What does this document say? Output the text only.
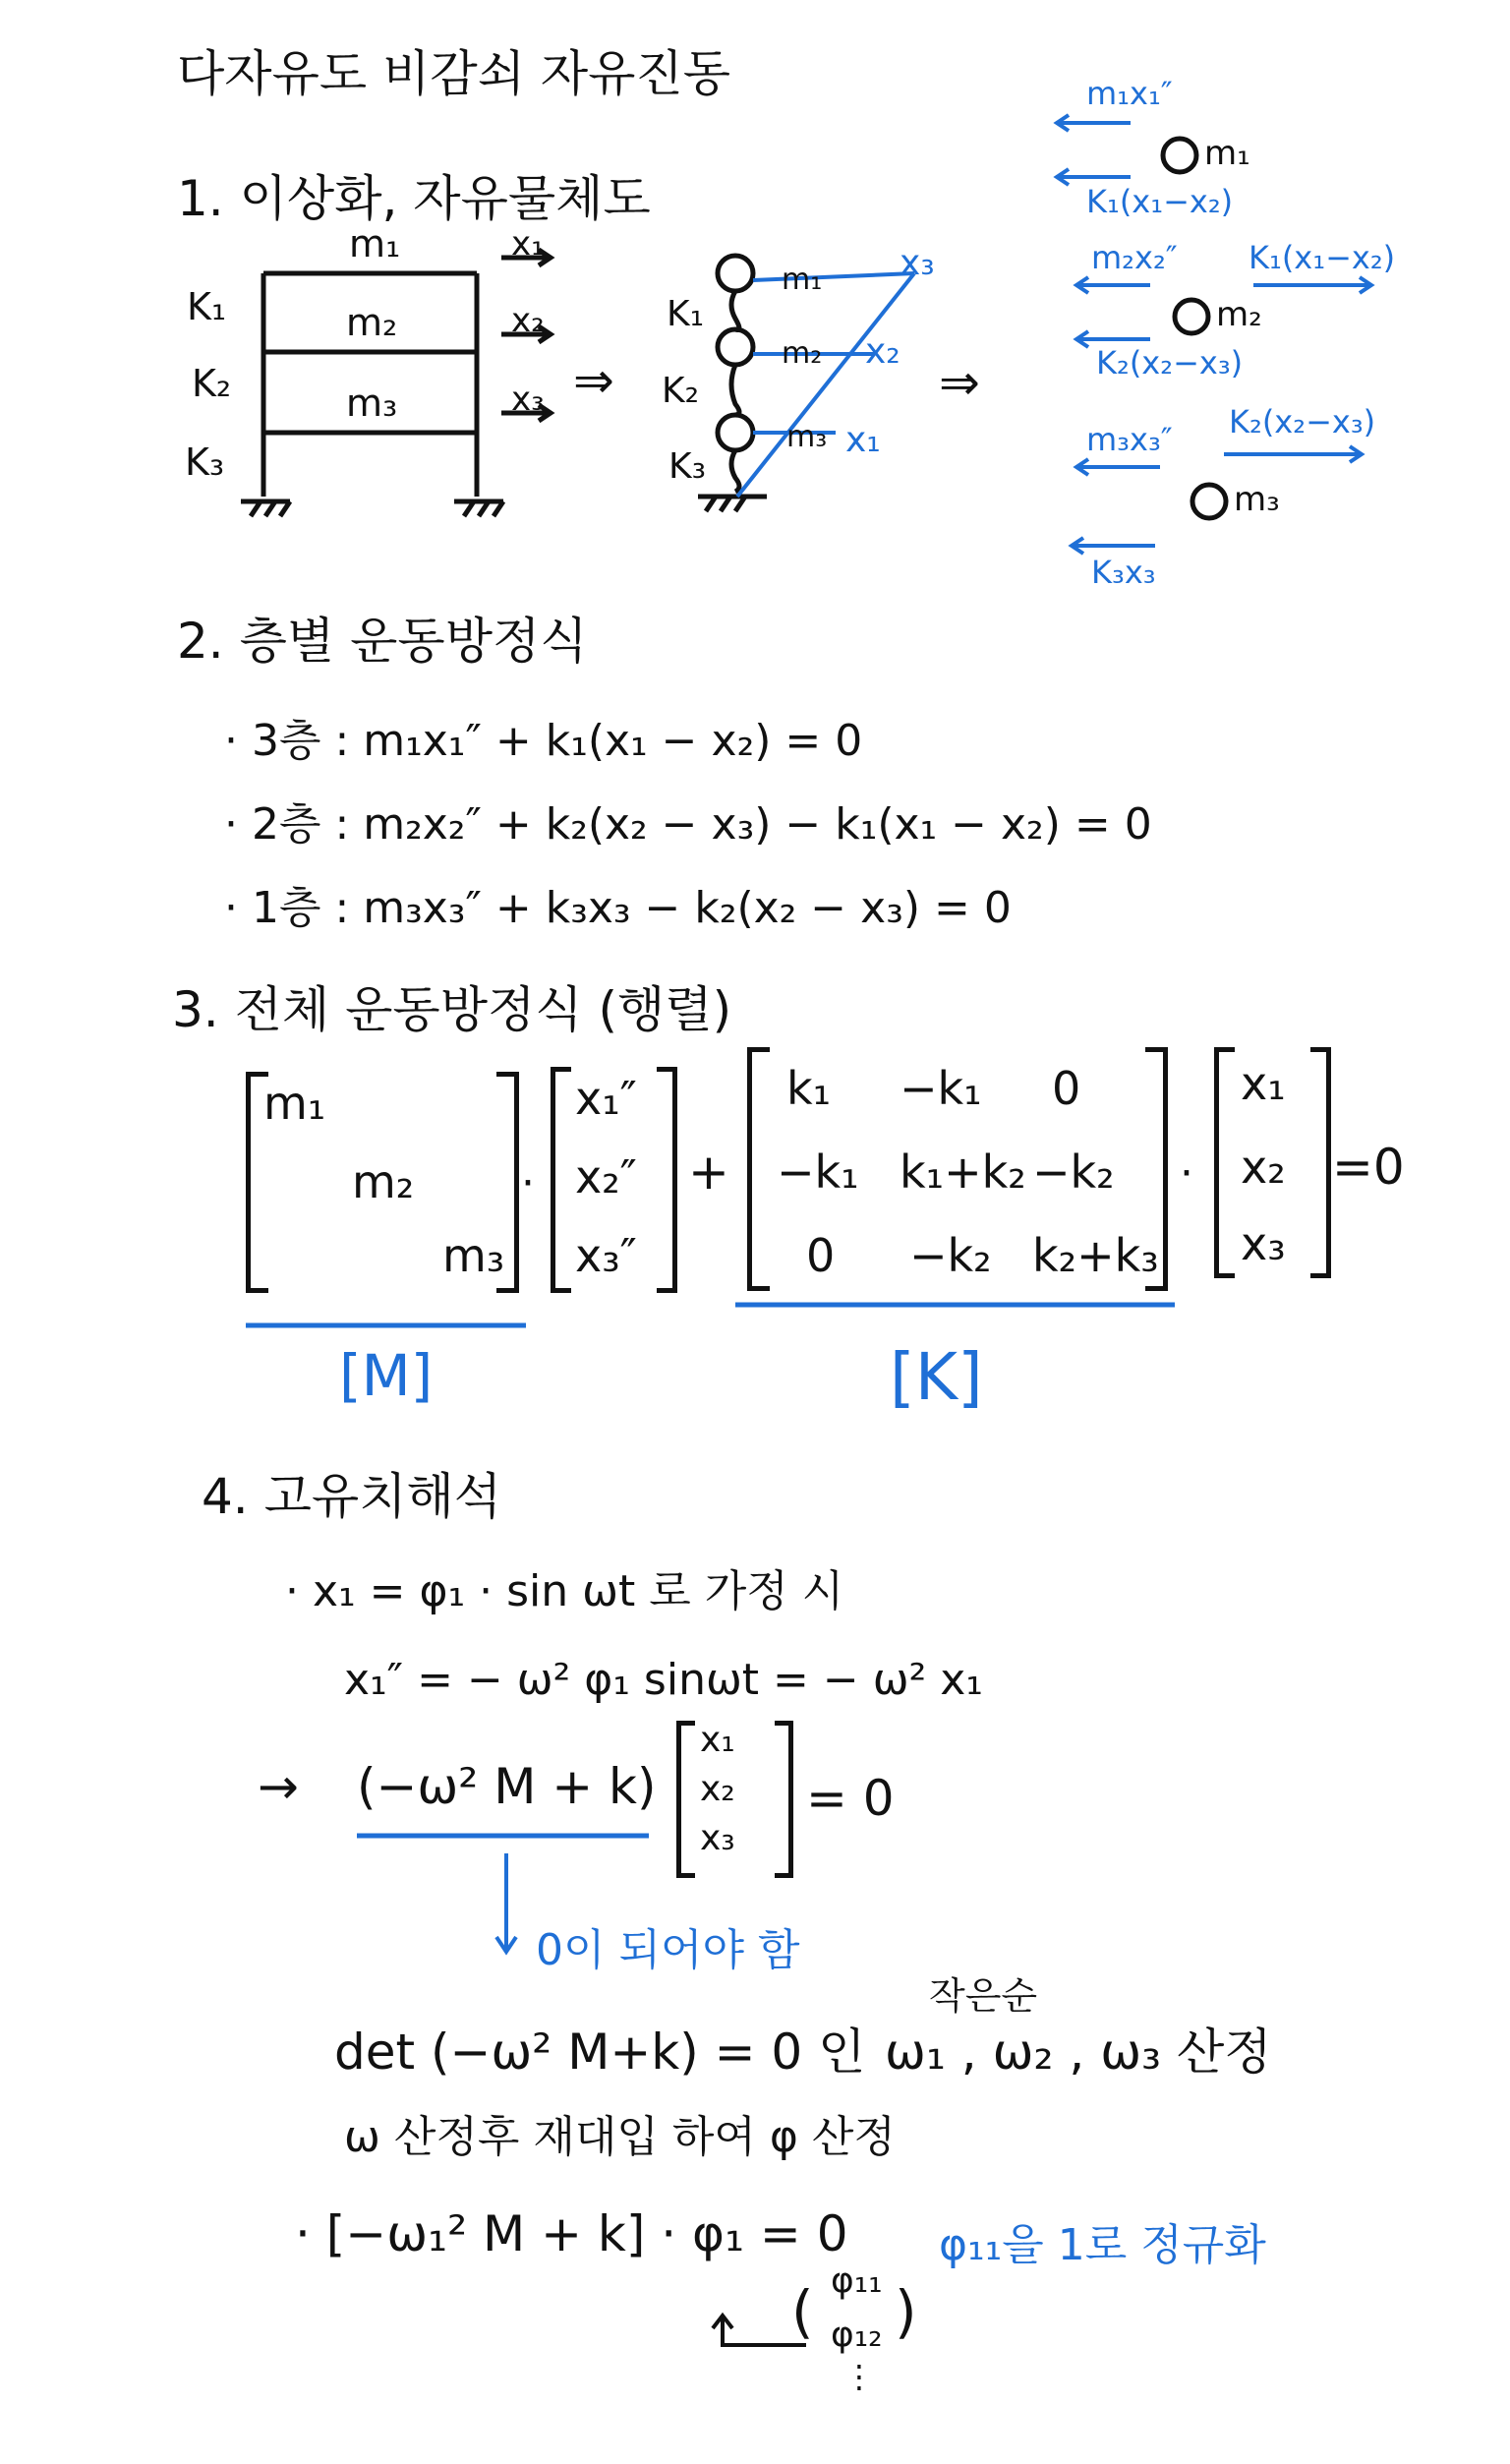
다자유도 비감쇠 자유진동
1. 이상화, 자유물체도
m₁
m₂
m₃
K₁
K₂
K₃
x₁
x₂
x₃ ⇒
K₁
K₂
K₃
m₁
m₂
m₃
x₃
x₂
x₁
⇒
m₁x₁″
m₁
K₁(x₁−x₂)
m₂x₂″ K₁(x₁−x₂)
m₂
K₂(x₂−x₃)
m₃x₃″ K₂(x₂−x₃)
m₃
K₃x₃
2. 층별 운동방정식
· 3층 : m₁x₁″ + k₁(x₁ − x₂) = 0
· 2층 : m₂x₂″ + k₂(x₂ − x₃) − k₁(x₁ − x₂) = 0
· 1층 : m₃x₃″ + k₃x₃ − k₂(x₂ − x₃) = 0
3. 전체 운동방정식 (행렬)
m₁
m₂
m₃
·
x₁″
x₂″
x₃″
+
k₁ −k₁ 0
−k₁ k₁+k₂ −k₂
0 −k₂ k₂+k₃
·
x₁
x₂
x₃
=0
[M]	[K]
4. 고유치해석
· x₁ = φ₁ · sin ωt 로 가정 시
x₁″ = − ω² φ₁ sinωt = − ω² x₁
→ (−ω² M + k)
x₁
x₂
x₃
= 0
0이 되어야 함
작은순
det (−ω² M+k) = 0 인 ω₁ , ω₂ , ω₃ 산정
ω 산정후 재대입 하여 φ 산정
· [−ω₁² M + k] · φ₁ = 0
( )
φ₁₁
φ₁₂
⋮
φ₁₁을 1로 정규화
